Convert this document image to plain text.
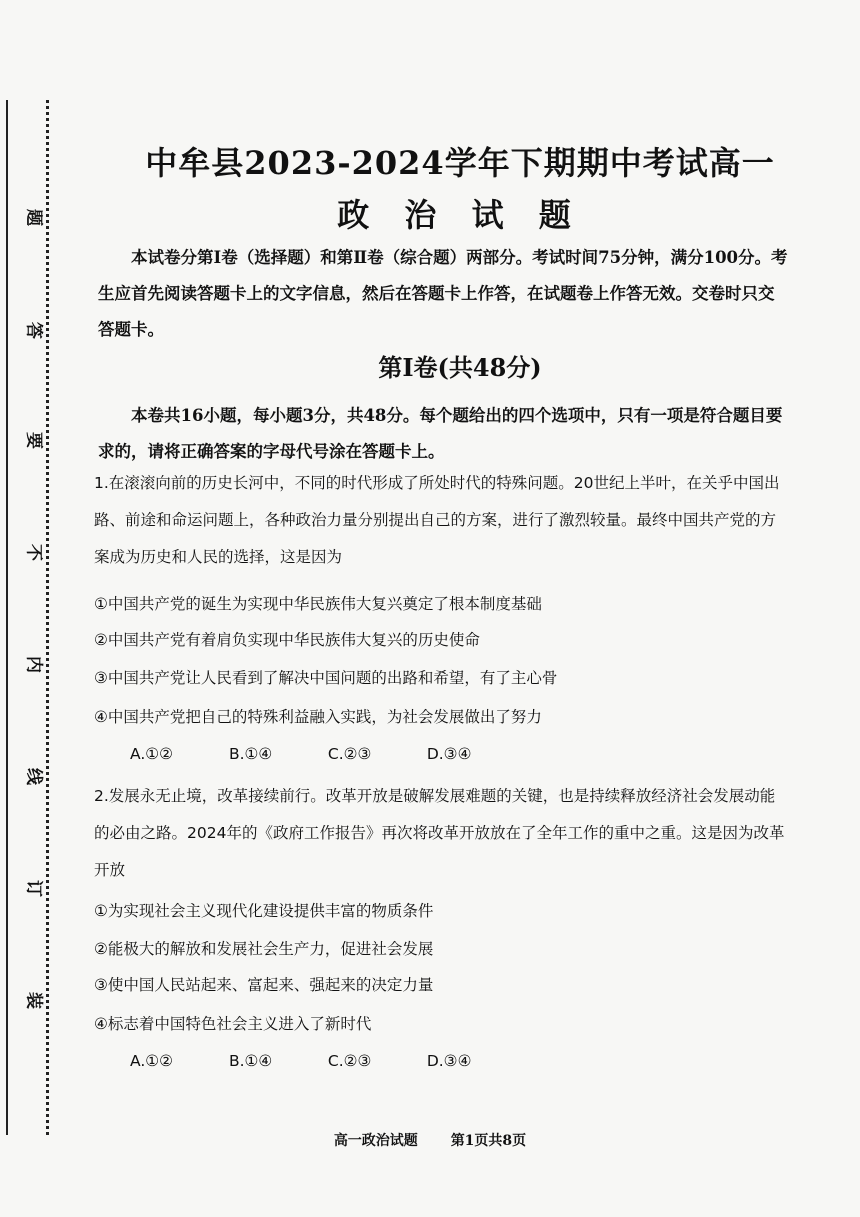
题
答
要
不
内
线
订
装
中牟县2023-2024学年下期期中考试高一
政 治 试 题
本试卷分第Ⅰ卷（选择题）和第Ⅱ卷（综合题）两部分。考试时间75分钟，满分100分。考生应首先阅读答题卡上的文字信息，然后在答题卡上作答，在试题卷上作答无效。交卷时只交答题卡。
第Ⅰ卷(共48分)
本卷共16小题，每小题3分，共48分。每个题给出的四个选项中，只有一项是符合题目要求的，请将正确答案的字母代号涂在答题卡上。
1.在滚滚向前的历史长河中，不同的时代形成了所处时代的特殊问题。20世纪上半叶，在关乎中国出路、前途和命运问题上，各种政治力量分别提出自己的方案，进行了激烈较量。最终中国共产党的方案成为历史和人民的选择，这是因为
①中国共产党的诞生为实现中华民族伟大复兴奠定了根本制度基础
②中国共产党有着肩负实现中华民族伟大复兴的历史使命
③中国共产党让人民看到了解决中国问题的出路和希望，有了主心骨
④中国共产党把自己的特殊利益融入实践，为社会发展做出了努力
A.①②	B.①④	C.②③	D.③④
2.发展永无止境，改革接续前行。改革开放是破解发展难题的关键，也是持续释放经济社会发展动能的必由之路。2024年的《政府工作报告》再次将改革开放放在了全年工作的重中之重。这是因为改革开放
①为实现社会主义现代化建设提供丰富的物质条件
②能极大的解放和发展社会生产力，促进社会发展
③使中国人民站起来、富起来、强起来的决定力量
④标志着中国特色社会主义进入了新时代
A.①②	B.①④	C.②③	D.③④
高一政治试题 第1页共8页
